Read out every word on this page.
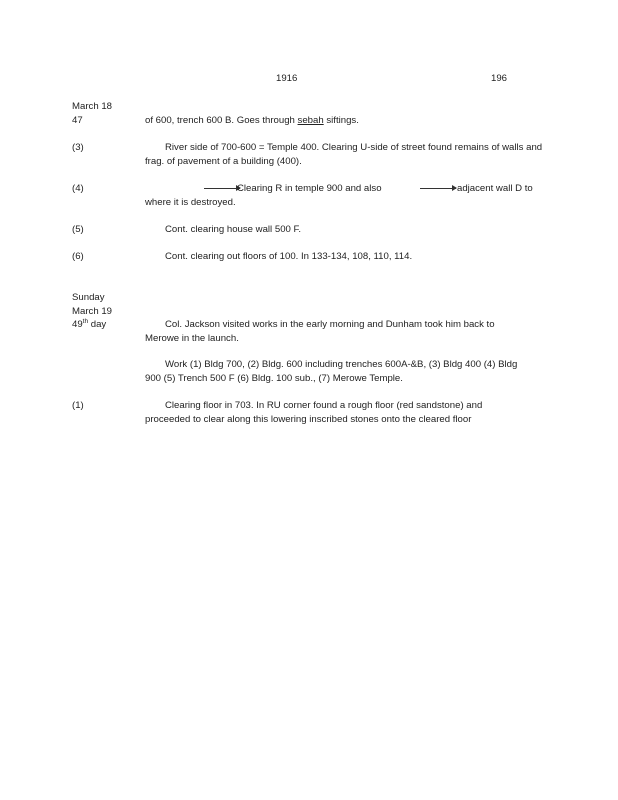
1916	196
March 18
47	of 600, trench 600 B. Goes through sebah siftings.
(3)	River side of 700-600 = Temple 400. Clearing U-side of street found remains of walls and frag. of pavement of a building (400).
(4)	Clearing R in temple 900 and also	adjacent wall D to
where it is destroyed.
(5)	Cont. clearing house wall 500 F.
(6)	Cont. clearing out floors of 100. In 133-134, 108, 110, 114.
Sunday
March 19
49th day	Col. Jackson visited works in the early morning and Dunham took him back to Merowe in the launch.
Work (1) Bldg 700, (2) Bldg. 600 including trenches 600A-&B, (3) Bldg 400 (4) Bldg 900 (5) Trench 500 F (6) Bldg. 100 sub., (7) Merowe Temple.
(1)	Clearing floor in 703. In RU corner found a rough floor (red sandstone) and proceeded to clear along this lowering inscribed stones onto the cleared floor
